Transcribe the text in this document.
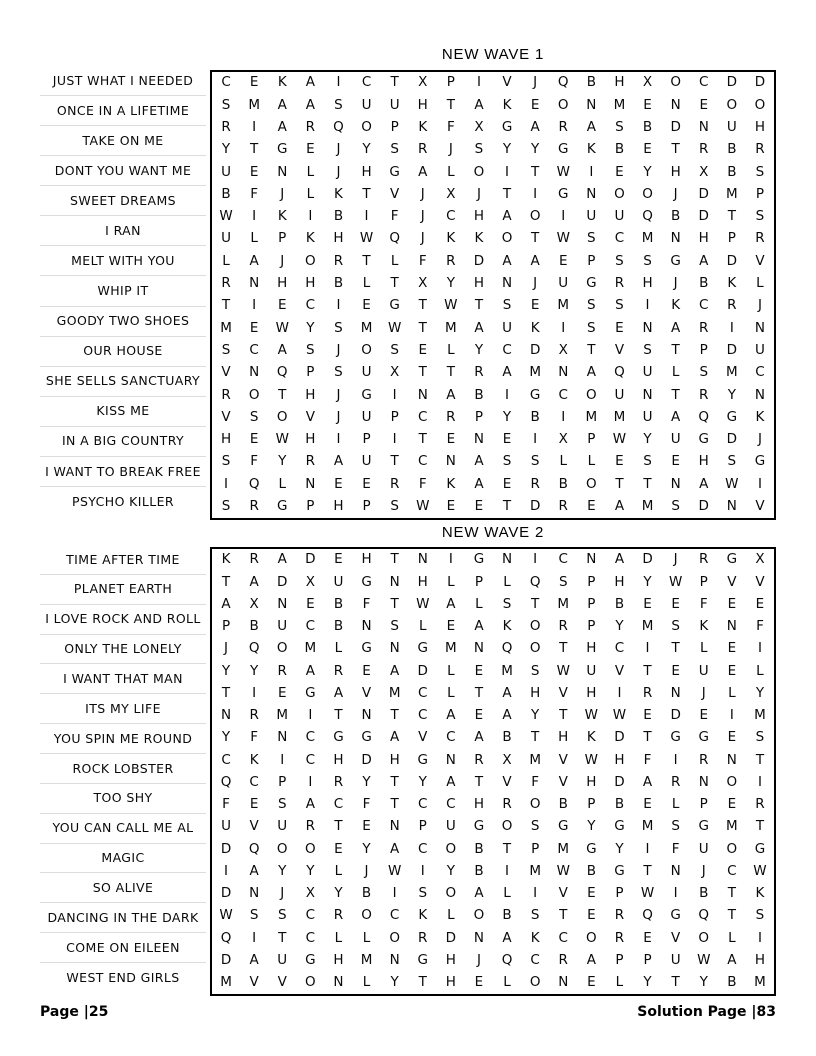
NEW WAVE 1
JUST WHAT I NEEDED
ONCE IN A LIFETIME
TAKE ON ME
DONT YOU WANT ME
SWEET DREAMS
I RAN
MELT WITH YOU
WHIP IT
GOODY TWO SHOES
OUR HOUSE
SHE SELLS SANCTUARY
KISS ME
IN A BIG COUNTRY
I WANT TO BREAK FREE
PSYCHO KILLER
C	E	K	A	I	C	T	X	P	I	V	J	Q	B	H	X	O	C	D	D
S	M	A	A	S	U	U	H	T	A	K	E	O	N	M	E	N	E	O	O
R	I	A	R	Q	O	P	K	F	X	G	A	R	A	S	B	D	N	U	H
Y	T	G	E	J	Y	S	R	J	S	Y	Y	G	K	B	E	T	R	B	R
U	E	N	L	J	H	G	A	L	O	I	T	W	I	E	Y	H	X	B	S
B	F	J	L	K	T	V	J	X	J	T	I	G	N	O	O	J	D	M	P
W	I	K	I	B	I	F	J	C	H	A	O	I	U	U	Q	B	D	T	S
U	L	P	K	H	W	Q	J	K	K	O	T	W	S	C	M	N	H	P	R
L	A	J	O	R	T	L	F	R	D	A	A	E	P	S	S	G	A	D	V
R	N	H	H	B	L	T	X	Y	H	N	J	U	G	R	H	J	B	K	L
T	I	E	C	I	E	G	T	W	T	S	E	M	S	S	I	K	C	R	J
M	E	W	Y	S	M	W	T	M	A	U	K	I	S	E	N	A	R	I	N
S	C	A	S	J	O	S	E	L	Y	C	D	X	T	V	S	T	P	D	U
V	N	Q	P	S	U	X	T	T	R	A	M	N	A	Q	U	L	S	M	C
R	O	T	H	J	G	I	N	A	B	I	G	C	O	U	N	T	R	Y	N
V	S	O	V	J	U	P	C	R	P	Y	B	I	M	M	U	A	Q	G	K
H	E	W	H	I	P	I	T	E	N	E	I	X	P	W	Y	U	G	D	J
S	F	Y	R	A	U	T	C	N	A	S	S	L	L	E	S	E	H	S	G
I	Q	L	N	E	E	R	F	K	A	E	R	B	O	T	T	N	A	W	I
S	R	G	P	H	P	S	W	E	E	T	D	R	E	A	M	S	D	N	V
NEW WAVE 2
TIME AFTER TIME
PLANET EARTH
I LOVE ROCK AND ROLL
ONLY THE LONELY
I WANT THAT MAN
ITS MY LIFE
YOU SPIN ME ROUND
ROCK LOBSTER
TOO SHY
YOU CAN CALL ME AL
MAGIC
SO ALIVE
DANCING IN THE DARK
COME ON EILEEN
WEST END GIRLS
K	R	A	D	E	H	T	N	I	G	N	I	C	N	A	D	J	R	G	X
T	A	D	X	U	G	N	H	L	P	L	Q	S	P	H	Y	W	P	V	V
A	X	N	E	B	F	T	W	A	L	S	T	M	P	B	E	E	F	E	E
P	B	U	C	B	N	S	L	E	A	K	O	R	P	Y	M	S	K	N	F
J	Q	O	M	L	G	N	G	M	N	Q	O	T	H	C	I	T	L	E	I
Y	Y	R	A	R	E	A	D	L	E	M	S	W	U	V	T	E	U	E	L
T	I	E	G	A	V	M	C	L	T	A	H	V	H	I	R	N	J	L	Y
N	R	M	I	T	N	T	C	A	E	A	Y	T	W	W	E	D	E	I	M
Y	F	N	C	G	G	A	V	C	A	B	T	H	K	D	T	G	G	E	S
C	K	I	C	H	D	H	G	N	R	X	M	V	W	H	F	I	R	N	T
Q	C	P	I	R	Y	T	Y	A	T	V	F	V	H	D	A	R	N	O	I
F	E	S	A	C	F	T	C	C	H	R	O	B	P	B	E	L	P	E	R
U	V	U	R	T	E	N	P	U	G	O	S	G	Y	G	M	S	G	M	T
D	Q	O	O	E	Y	A	C	O	B	T	P	M	G	Y	I	F	U	O	G
I	A	Y	Y	L	J	W	I	Y	B	I	M	W	B	G	T	N	J	C	W
D	N	J	X	Y	B	I	S	O	A	L	I	V	E	P	W	I	B	T	K
W	S	S	C	R	O	C	K	L	O	B	S	T	E	R	Q	G	Q	T	S
Q	I	T	C	L	L	O	R	D	N	A	K	C	O	R	E	V	O	L	I
D	A	U	G	H	M	N	G	H	J	Q	C	R	A	P	P	U	W	A	H
M	V	V	O	N	L	Y	T	H	E	L	O	N	E	L	Y	T	Y	B	M
Page |25	Solution Page |83
